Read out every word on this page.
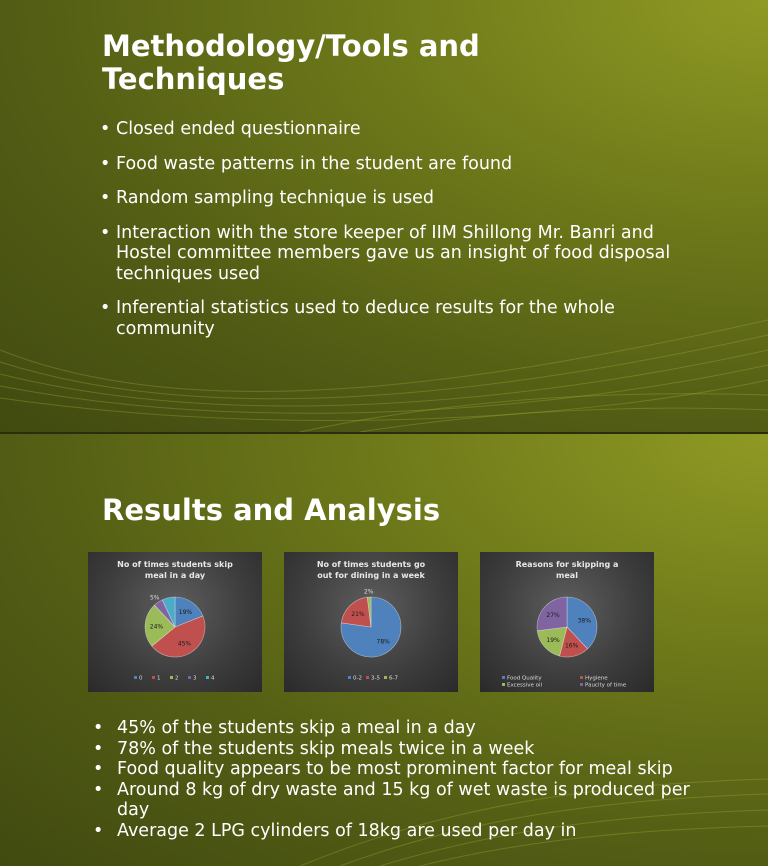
Methodology/Tools and Techniques
• Closed ended questionnaire
• Food waste patterns in the student are found
• Random sampling technique is used
• Interaction with the store keeper of IIM Shillong Mr. Banri and Hostel committee members gave us an insight of food disposal techniques used
• Inferential statistics used to deduce results for the whole community
Results and Analysis
No of times students skip
meal in a day
19%
45%
24%
5%
0	1	2	3	4
No of times students go
out for dining in a week
78%
21%
2%
0-2 3-5 6-7
Reasons for skipping a
meal
38%
16%
19%
27%
Food Quality	Hygiene
Excessive oil	Paucity of time
• 45% of the students skip a meal in a day
• 78% of the students skip meals twice in a week
• Food quality appears to be most prominent factor for meal skip
• Around 8 kg of dry waste and 15 kg of wet waste is produced per day
• Average 2 LPG cylinders of 18kg are used per day in
